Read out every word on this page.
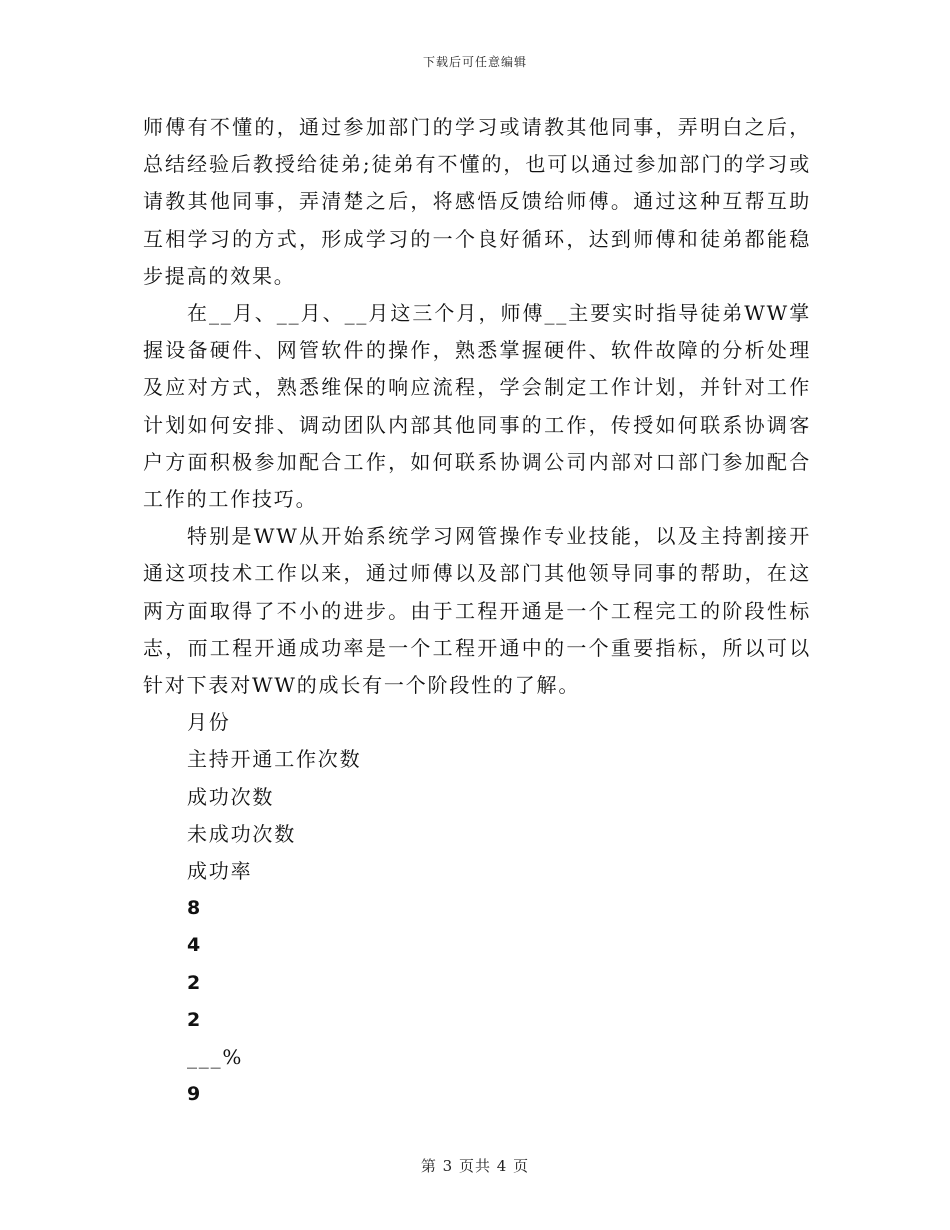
下载后可任意编辑

师傅有不懂的，通过参加部门的学习或请教其他同事，弄明白之后，总结经验后教授给徒弟;徒弟有不懂的，也可以通过参加部门的学习或请教其他同事，弄清楚之后，将感悟反馈给师傅。通过这种互帮互助互相学习的方式，形成学习的一个良好循环，达到师傅和徒弟都能稳步提高的效果。

在__月、__月、__月这三个月，师傅__主要实时指导徒弟WW掌握设备硬件、网管软件的操作，熟悉掌握硬件、软件故障的分析处理及应对方式，熟悉维保的响应流程，学会制定工作计划，并针对工作计划如何安排、调动团队内部其他同事的工作，传授如何联系协调客户方面积极参加配合工作，如何联系协调公司内部对口部门参加配合工作的工作技巧。

特别是WW从开始系统学习网管操作专业技能，以及主持割接开通这项技术工作以来，通过师傅以及部门其他领导同事的帮助，在这两方面取得了不小的进步。由于工程开通是一个工程完工的阶段性标志，而工程开通成功率是一个工程开通中的一个重要指标，所以可以针对下表对WW的成长有一个阶段性的了解。

月份
主持开通工作次数
成功次数
未成功次数
成功率
8
4
2
2
___%
9
第 3 页共 4 页
